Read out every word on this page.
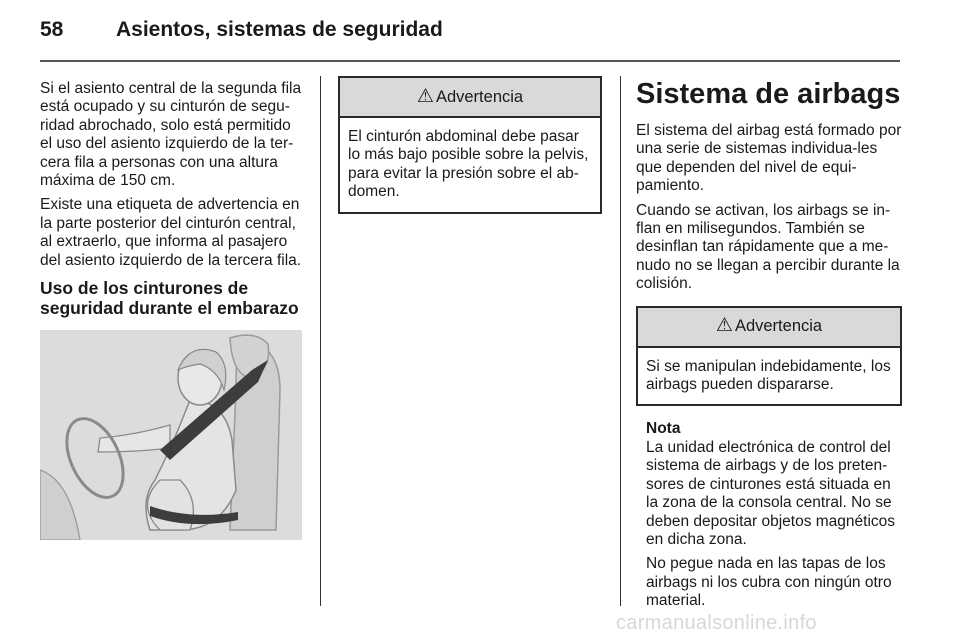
58	Asientos, sistemas de seguridad

Si el asiento central de la segunda fila está ocupado y su cinturón de segu-ridad abrochado, solo está permitido el uso del asiento izquierdo de la ter-cera fila a personas con una altura máxima de 150 cm.

Existe una etiqueta de advertencia en la parte posterior del cinturón central, al extraerlo, que informa al pasajero del asiento izquierdo de la tercera fila.

Uso de los cinturones de seguridad durante el embarazo
⚠ Advertencia
El cinturón abdominal debe pasar lo más bajo posible sobre la pelvis, para evitar la presión sobre el ab-domen.
Sistema de airbags

El sistema del airbag está formado por una serie de sistemas individua-les que dependen del nivel de equi-pamiento.

Cuando se activan, los airbags se in-flan en milisegundos. También se desinflan tan rápidamente que a me-nudo no se llegan a percibir durante la colisión.

⚠ Advertencia
Si se manipulan indebidamente, los airbags pueden dispararse.
Nota

La unidad electrónica de control del sistema de airbags y de los preten-sores de cinturones está situada en la zona de la consola central. No se deben depositar objetos magnéticos en dicha zona.

No pegue nada en las tapas de los airbags ni los cubra con ningún otro material.

carmanualsonline.info
